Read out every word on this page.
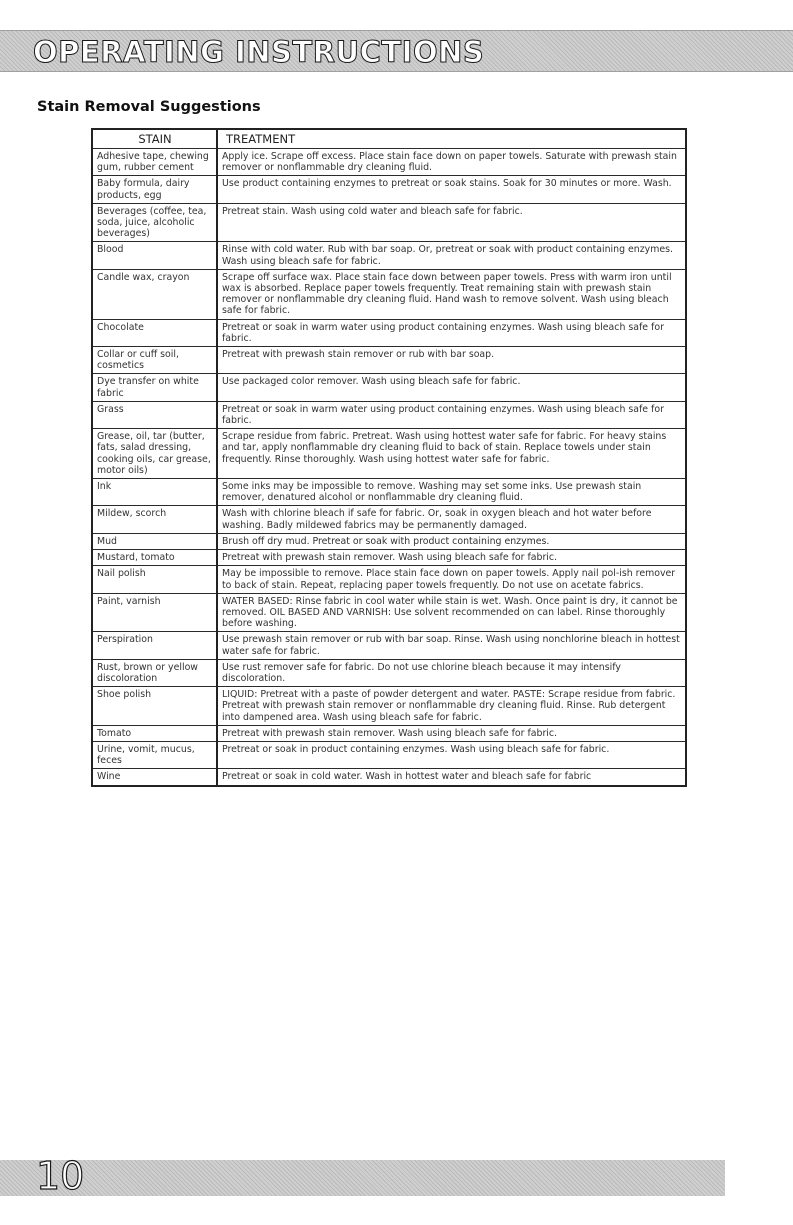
OPERATING INSTRUCTIONS
Stain Removal Suggestions
STAIN	TREATMENT
Adhesive tape, chewing gum, rubber cement	Apply ice. Scrape off excess. Place stain face down on paper towels. Saturate with prewash stain remover or nonflammable dry cleaning fluid.
Baby formula, dairy products, egg	Use product containing enzymes to pretreat or soak stains. Soak for 30 minutes or more. Wash.
Beverages (coffee, tea, soda, juice, alcoholic beverages)	Pretreat stain. Wash using cold water and bleach safe for fabric.
Blood	Rinse with cold water. Rub with bar soap. Or, pretreat or soak with product containing enzymes. Wash using bleach safe for fabric.
Candle wax, crayon	Scrape off surface wax. Place stain face down between paper towels. Press with warm iron until wax is absorbed. Replace paper towels frequently. Treat remaining stain with prewash stain remover or nonflammable dry cleaning fluid. Hand wash to remove solvent. Wash using bleach safe for fabric.
Chocolate	Pretreat or soak in warm water using product containing enzymes. Wash using bleach safe for fabric.
Collar or cuff soil, cosmetics	Pretreat with prewash stain remover or rub with bar soap.
Dye transfer on white fabric	Use packaged color remover. Wash using bleach safe for fabric.
Grass	Pretreat or soak in warm water using product containing enzymes. Wash using bleach safe for fabric.
Grease, oil, tar (butter, fats, salad dressing, cooking oils, car grease, motor oils)	Scrape residue from fabric. Pretreat. Wash using hottest water safe for fabric. For heavy stains and tar, apply nonflammable dry cleaning fluid to back of stain. Replace towels under stain frequently. Rinse thoroughly. Wash using hottest water safe for fabric.
Ink	Some inks may be impossible to remove. Washing may set some inks. Use prewash stain remover, denatured alcohol or nonflammable dry cleaning fluid.
Mildew, scorch	Wash with chlorine bleach if safe for fabric. Or, soak in oxygen bleach and hot water before washing. Badly mildewed fabrics may be permanently damaged.
Mud	Brush off dry mud. Pretreat or soak with product containing enzymes.
Mustard, tomato	Pretreat with prewash stain remover. Wash using bleach safe for fabric.
Nail polish	May be impossible to remove. Place stain face down on paper towels. Apply nail pol-ish remover to back of stain. Repeat, replacing paper towels frequently. Do not use on acetate fabrics.
Paint, varnish	WATER BASED: Rinse fabric in cool water while stain is wet. Wash. Once paint is dry, it cannot be removed. OIL BASED AND VARNISH: Use solvent recommended on can label. Rinse thoroughly before washing.
Perspiration	Use prewash stain remover or rub with bar soap. Rinse. Wash using nonchlorine bleach in hottest water safe for fabric.
Rust, brown or yellow discoloration	Use rust remover safe for fabric. Do not use chlorine bleach because it may intensify discoloration.
Shoe polish	LIQUID: Pretreat with a paste of powder detergent and water. PASTE: Scrape residue from fabric. Pretreat with prewash stain remover or nonflammable dry cleaning fluid. Rinse. Rub detergent into dampened area. Wash using bleach safe for fabric.
Tomato	Pretreat with prewash stain remover. Wash using bleach safe for fabric.
Urine, vomit, mucus, feces	Pretreat or soak in product containing enzymes. Wash using bleach safe for fabric.
Wine	Pretreat or soak in cold water. Wash in hottest water and bleach safe for fabric
10
